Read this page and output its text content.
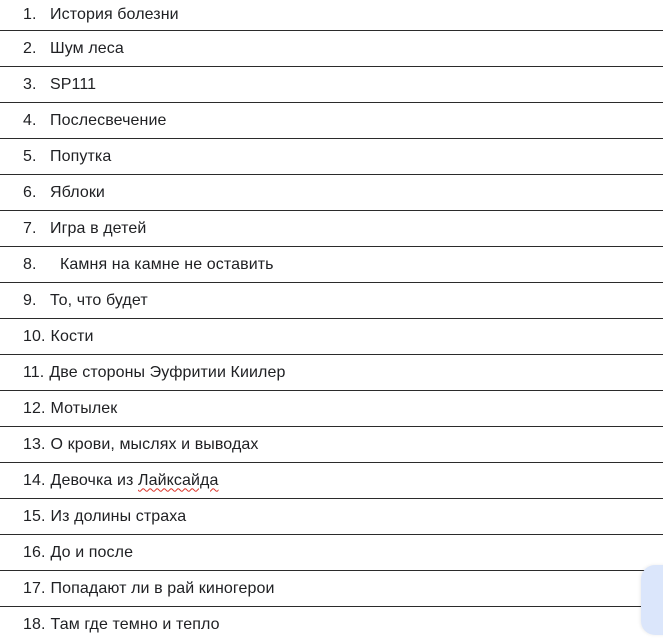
1. История болезни
2. Шум леса
3. SP111
4. Послесвечение
5. Попутка
6. Яблоки
7. Игра в детей
8.	Камня на камне не оставить
9. То, что будет
10. Кости
11. Две стороны Эуфритии Киилер
12. Мотылек
13. О крови, мыслях и выводах
14. Девочка из Лайксайда
15. Из долины страха
16. До и после
17. Попадают ли в рай киногерои
18. Там где темно и тепло
